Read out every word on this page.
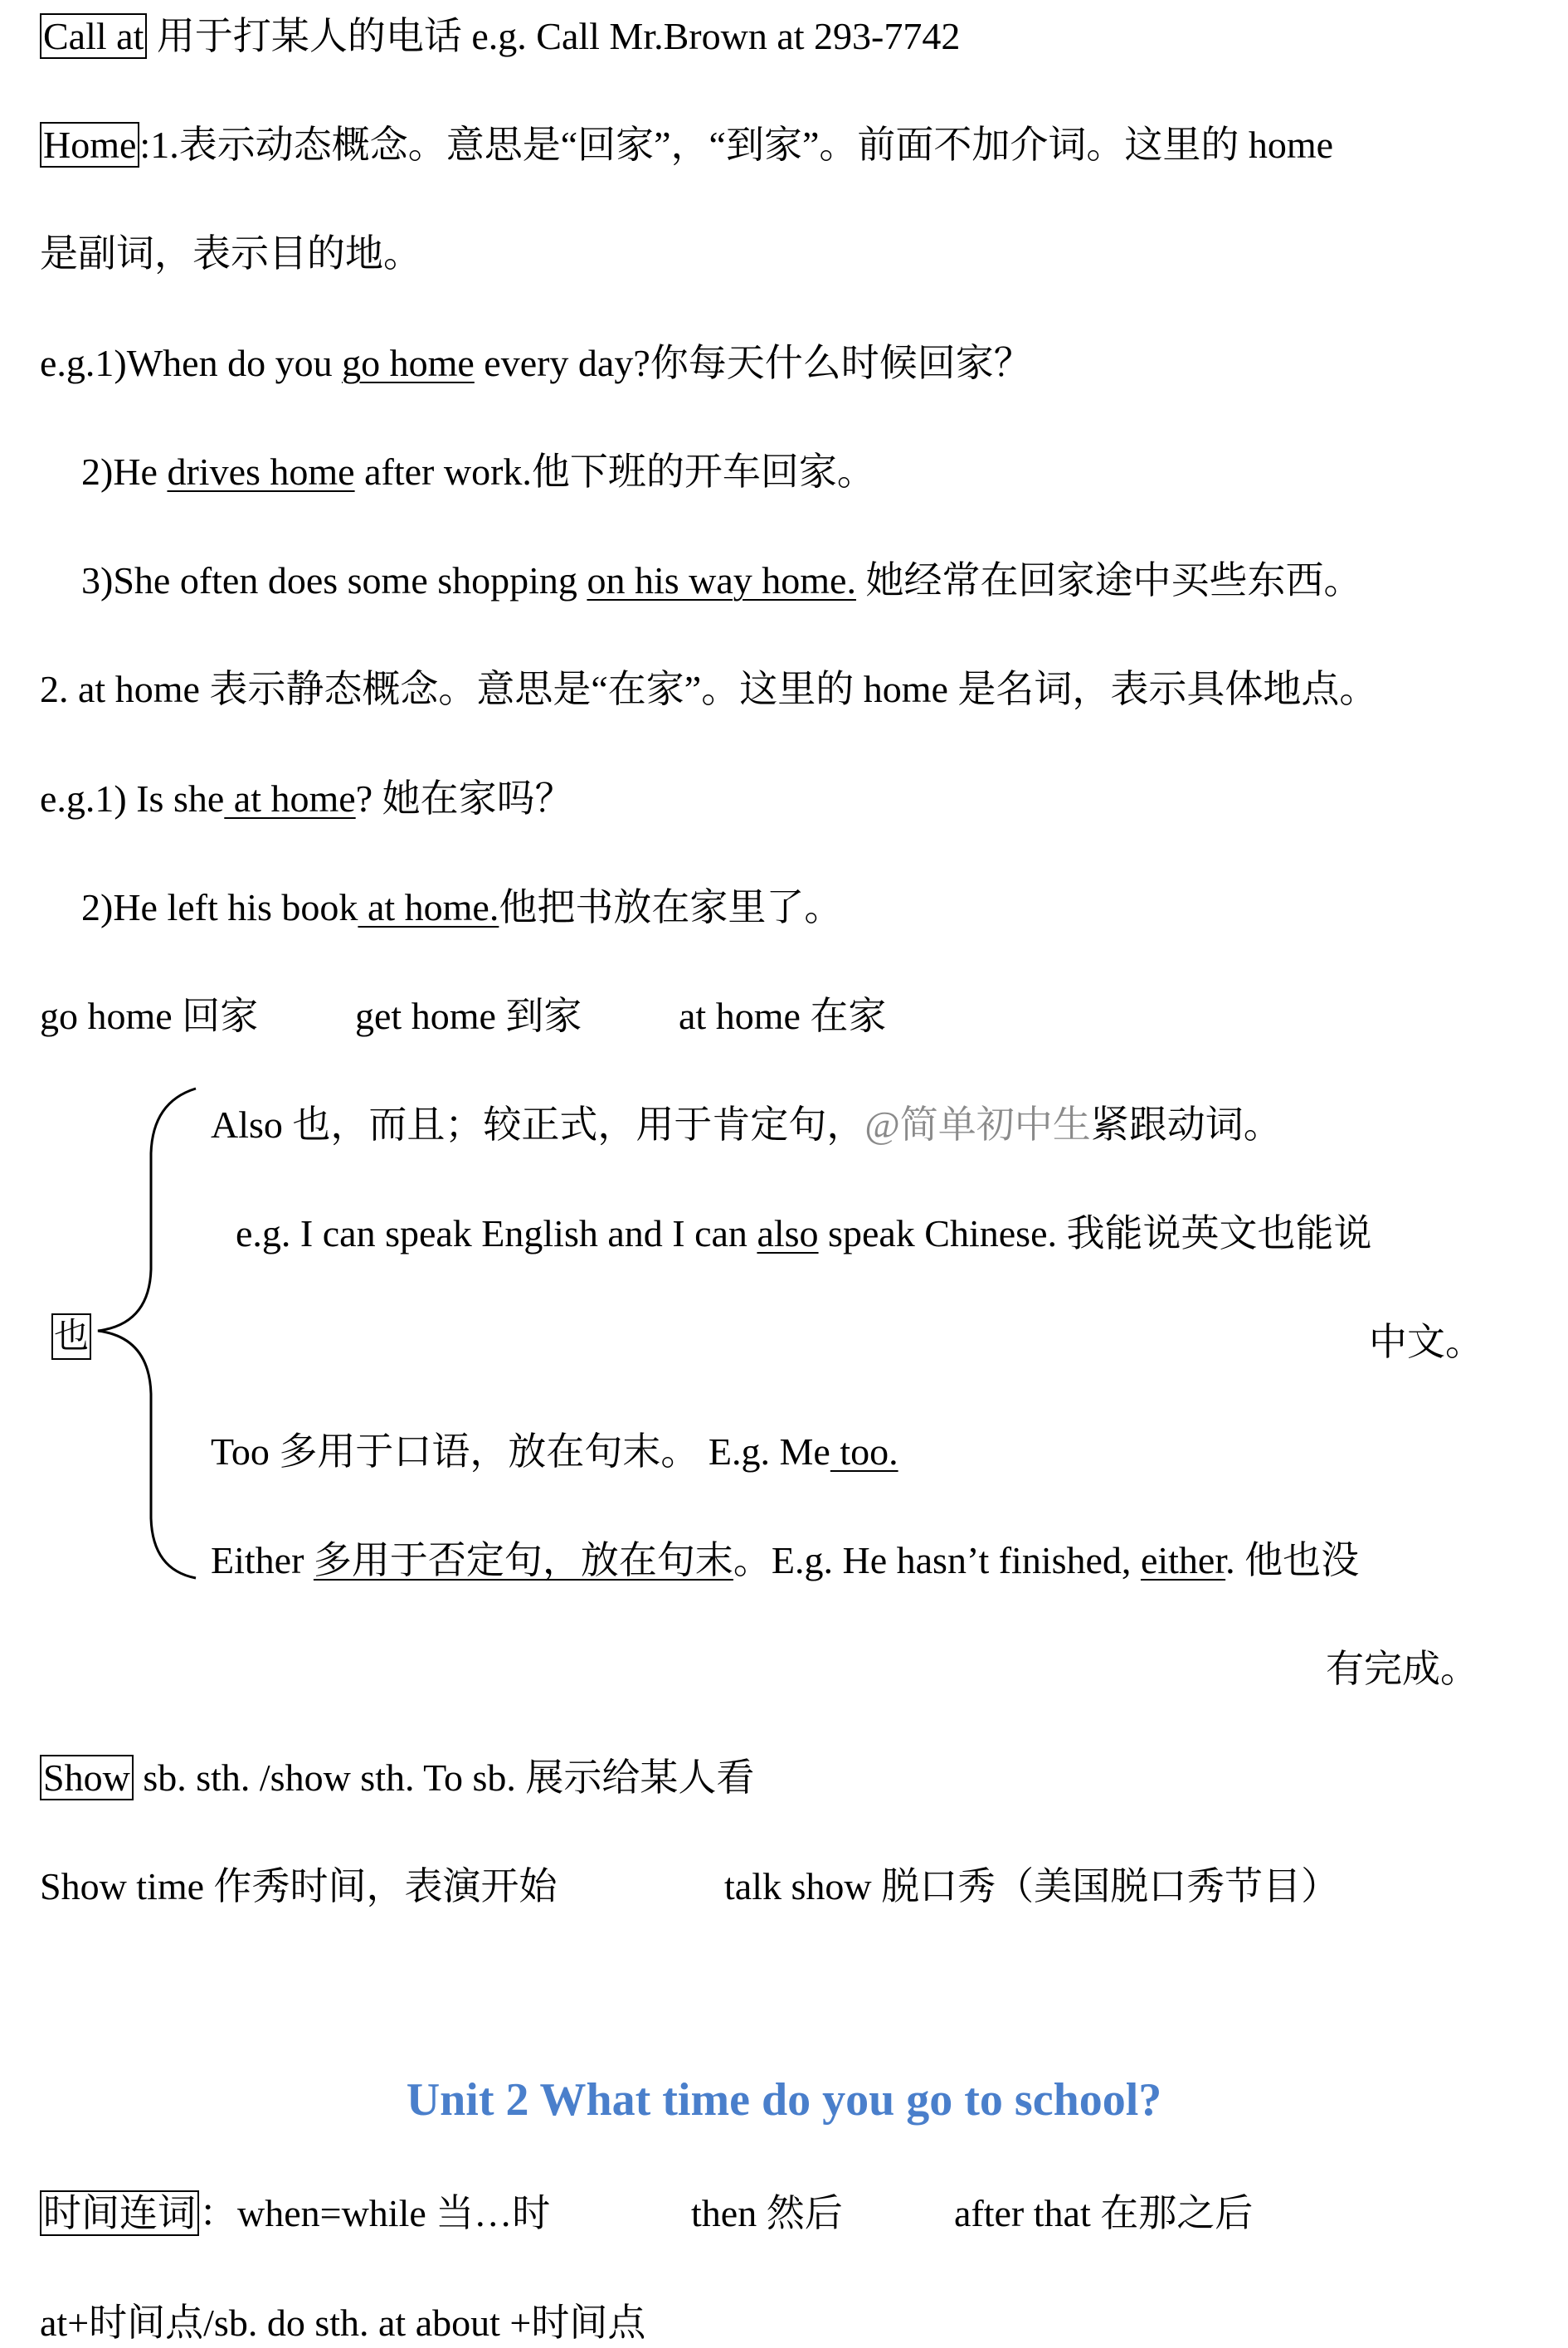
Call at 用于打某人的电话 e.g. Call Mr.Brown at 293-7742
Home:1.表示动态概念。意思是“回家”，“到家”。前面不加介词。这里的 home
是副词，表示目的地。
e.g.1)When do you go home every day?你每天什么时候回家？
2)He drives home after work.他下班的开车回家。
3)She often does some shopping on his way home. 她经常在回家途中买些东西。
2. at home 表示静态概念。意思是“在家”。这里的 home 是名词，表示具体地点。
e.g.1) Is she at home? 她在家吗？
2)He left his book at home.他把书放在家里了。
go home 回家	get home 到家	at home 在家
也
Also 也，而且；较正式，用于肯定句，@简单初中生紧跟动词。
e.g. I can speak English and I can also speak Chinese. 我能说英文也能说
中文。
Too 多用于口语，放在句末。 E.g. Me too.
Either 多用于否定句，放在句末。E.g. He hasn’t finished, either. 他也没
有完成。
Show sb. sth. /show sth. To sb. 展示给某人看
Show time 作秀时间，表演开始	talk show 脱口秀（美国脱口秀节目）
Unit 2 What time do you go to school?
时间连词：when=while 当…时	then 然后	after that 在那之后
at+时间点/sb. do sth. at about +时间点
